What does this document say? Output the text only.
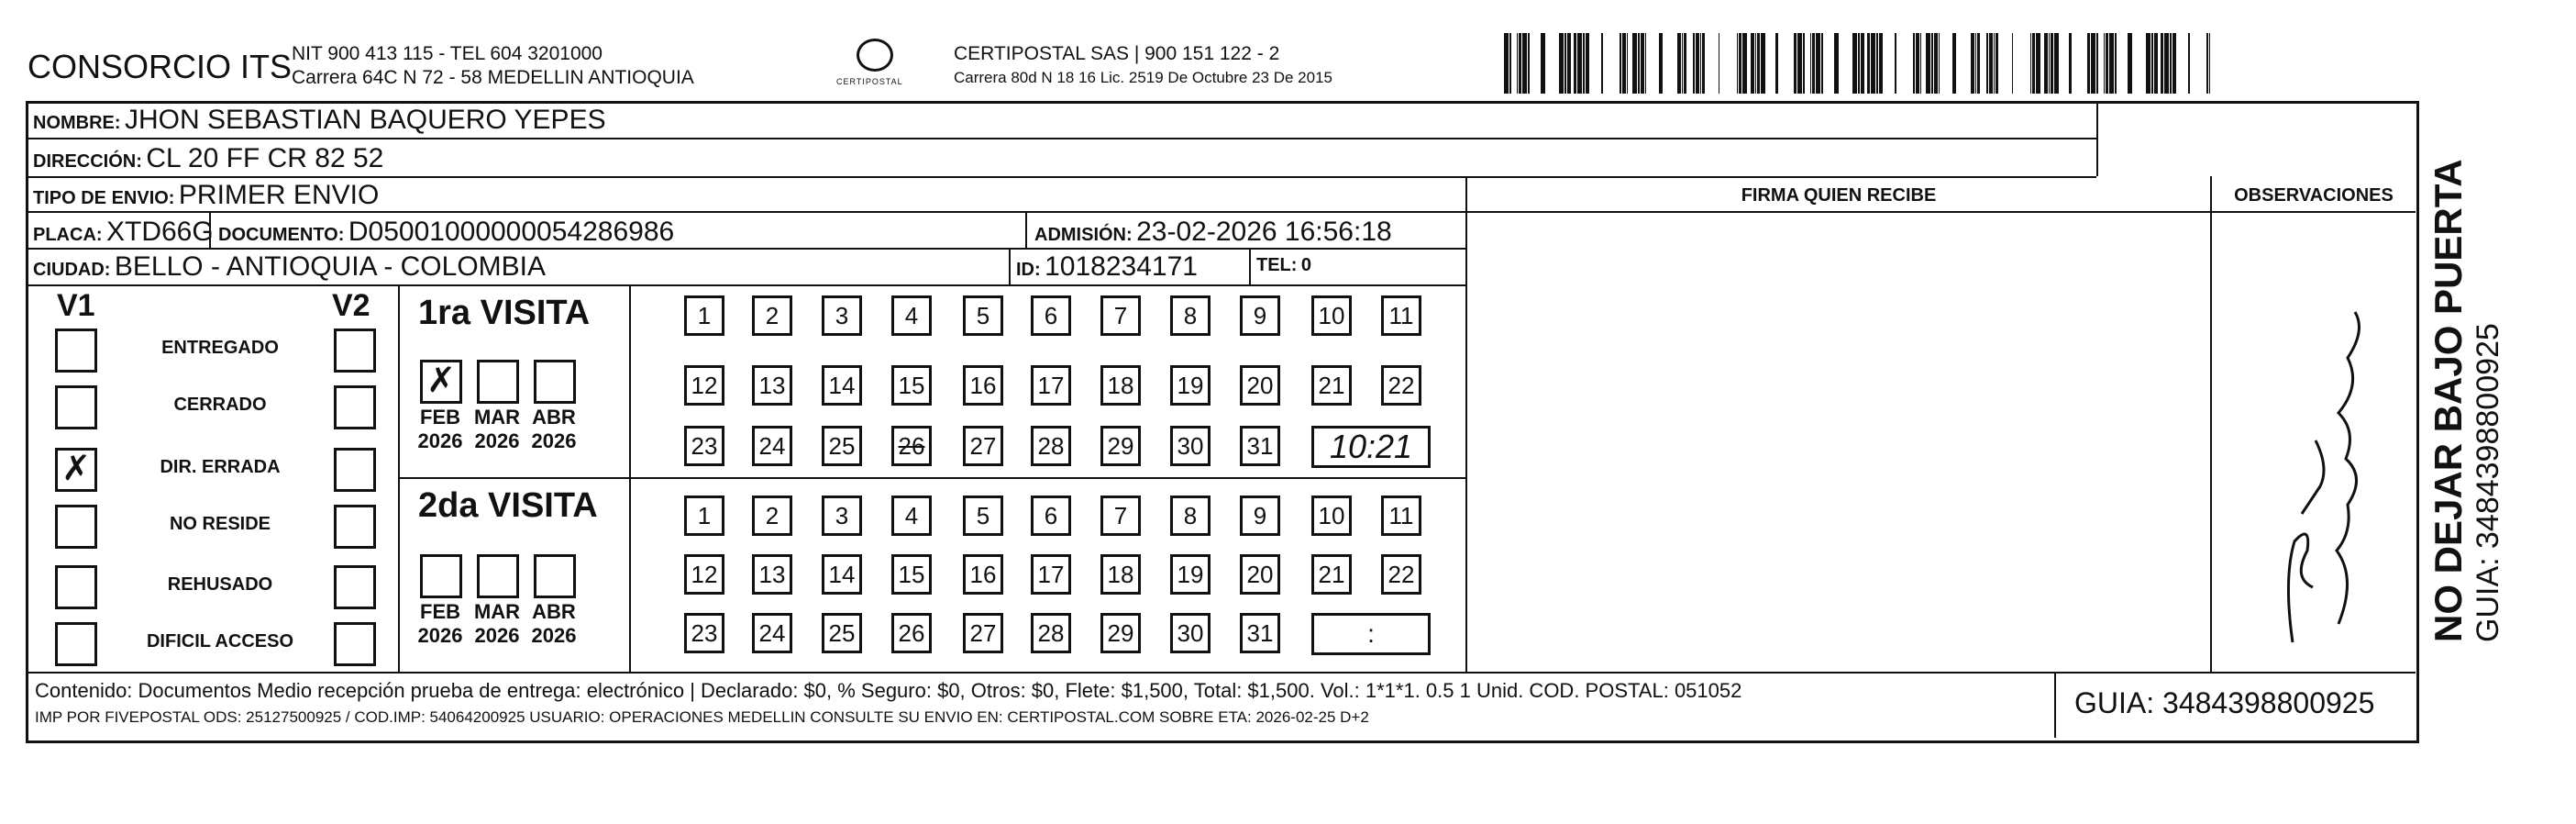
CONSORCIO ITS NIT 900 413 115 - TEL 604 3201000
Carrera 64C N 72 - 58 MEDELLIN ANTIOQUIA	CERTIPOSTAL
CERTIPOSTAL SAS | 900 151 122 - 2
Carrera 80d N 18 16 Lic. 2519 De Octubre 23 De 2015
NOMBRE: JHON SEBASTIAN BAQUERO YEPES
DIRECCIÓN: CL 20 FF CR 82 52
TIPO DE ENVIO: PRIMER ENVIO	FIRMA QUIEN RECIBE	OBSERVACIONES
PLACA: XTD66G DOCUMENTO: D05001000000054286986	ADMISIÓN: 23-02-2026 16:56:18
CIUDAD: BELLO - ANTIOQUIA - COLOMBIA	ID: 1018234171	TEL: 0
V1	V2
ENTREGADO
CERRADO
✗	DIR. ERRADA
NO RESIDE
REHUSADO
DIFICIL ACCESO
1ra VISITA
2da VISITA
✗
FEB
2026
MAR
2026
ABR
2026
1	2	3	4	5	6	7	8	9	10	11
12 13 14 15 16 17 18 19 20 21 22
23 24 25 26 27 28 29 30 31	10:21
FEB
2026
MAR
2026
ABR
2026
1	2	3	4	5	6	7	8	9	10	11
12 13 14 15 16 17 18 19 20 21 22
23 24 25 26 27 28 29 30 31	:
Contenido: Documentos Medio recepción prueba de entrega: electrónico | Declarado: $0, % Seguro: $0, Otros: $0, Flete: $1,500, Total: $1,500. Vol.: 1*1*1. 0.5 1 Unid. COD. POSTAL: 051052
IMP POR FIVEPOSTAL ODS: 25127500925 / COD.IMP: 54064200925 USUARIO: OPERACIONES MEDELLIN CONSULTE SU ENVIO EN: CERTIPOSTAL.COM SOBRE ETA: 2026-02-25 D+2	GUIA: 3484398800925
NO DEJAR BAJO PUERTA GUIA: 3484398800925
